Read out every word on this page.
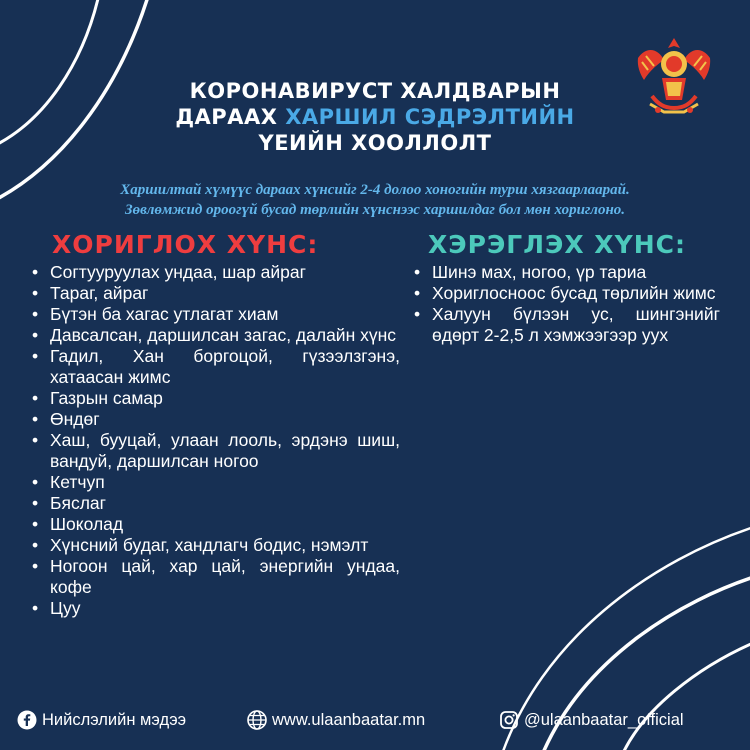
КОРОНАВИРУСТ ХАЛДВАРЫН
ДАРААХ ХАРШИЛ СЭДРЭЛТИЙН
ҮЕИЙН ХООЛЛОЛТ
Харшилтай хүмүүс дараах хүнсийг 2-4 долоо хоногийн турш хязгаарлаарай.
Зөвлөмжид ороогүй бусад төрлийн хүнснээс харшилдаг бол мөн хориглоно.
ХОРИГЛОХ ХҮНС:	ХЭРЭГЛЭХ ХҮНС:
• Согтууруулах ундаа, шар айраг
• Тараг, айраг
• Бүтэн ба хагас утлагат хиам
• Давсалсан, даршилсан загас, далайн хүнс
• Гадил, Хан боргоцой, гүзээлзгэнэ, хатаасан жимс
• Газрын самар
• Өндөг
• Хаш, бууцай, улаан лооль, эрдэнэ шиш, вандуй, даршилсан ногоо
• Кетчуп
• Бяслаг
• Шоколад
• Хүнсний будаг, хандлагч бодис, нэмэлт
• Ногоон цай, хар цай, энергийн ундаа, кофе
• Цуу
• Шинэ мах, ногоо, үр тариа
• Хориглосноос бусад төрлийн жимс
• Халуун бүлээн ус, шингэнийг өдөрт 2-2,5 л хэмжээгээр уух
Нийслэлийн мэдээ	www.ulaanbaatar.mn	@ulaanbaatar_official
